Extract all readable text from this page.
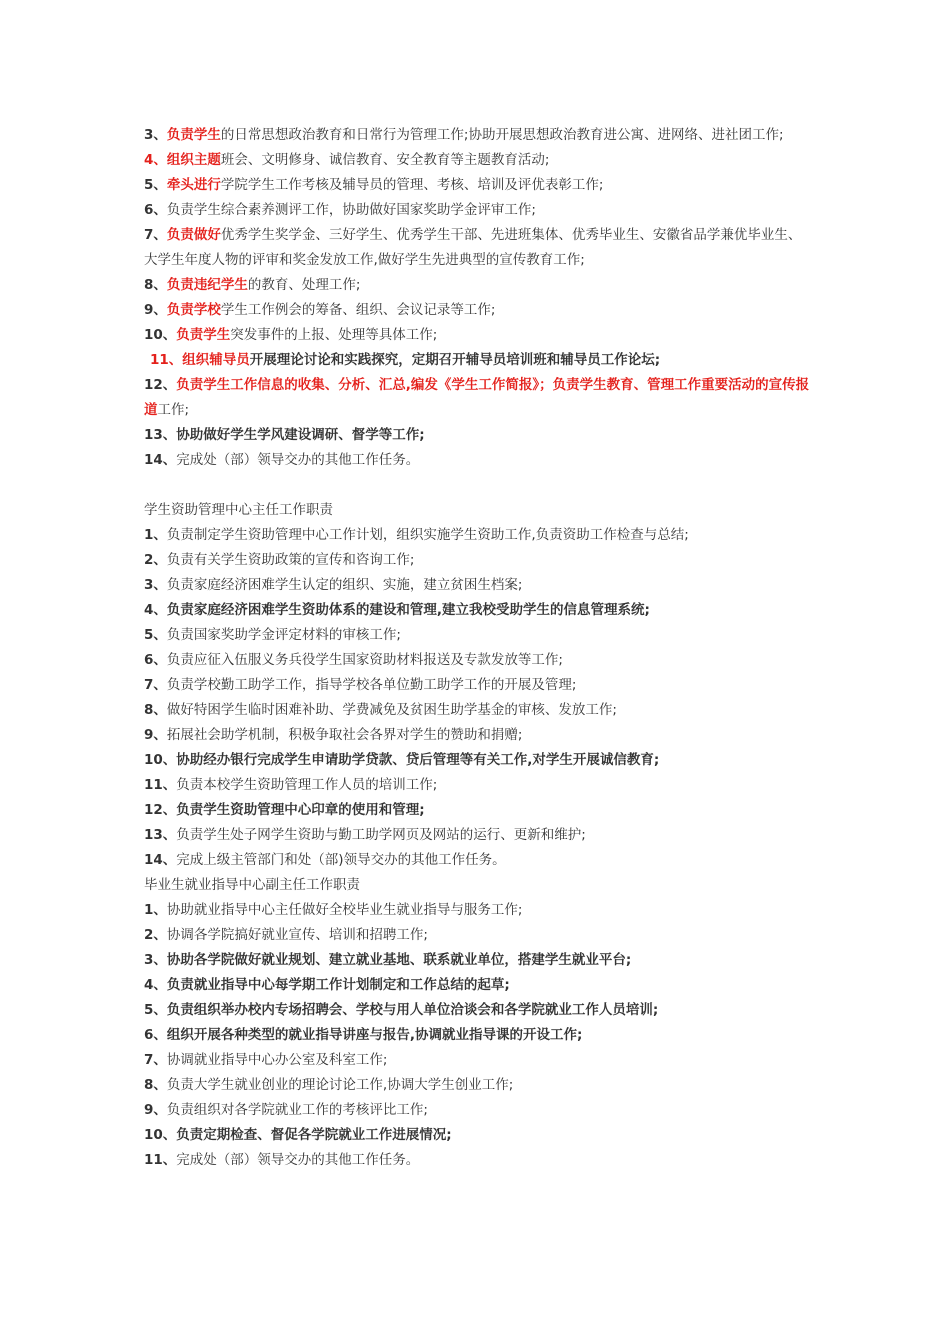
3、负责学生的日常思想政治教育和日常行为管理工作;协助开展思想政治教育进公寓、进网络、进社团工作;

4、组织主题班会、文明修身、诚信教育、安全教育等主题教育活动;

5、牵头进行学院学生工作考核及辅导员的管理、考核、培训及评优表彰工作;

6、负责学生综合素养测评工作，协助做好国家奖助学金评审工作;

7、负责做好优秀学生奖学金、三好学生、优秀学生干部、先进班集体、优秀毕业生、安徽省品学兼优毕业生、大学生年度人物的评审和奖金发放工作,做好学生先进典型的宣传教育工作;

8、负责违纪学生的教育、处理工作;

9、负责学校学生工作例会的筹备、组织、会议记录等工作;

10、负责学生突发事件的上报、处理等具体工作;

11、组织辅导员开展理论讨论和实践探究，定期召开辅导员培训班和辅导员工作论坛;

12、负责学生工作信息的收集、分析、汇总,编发《学生工作简报》；负责学生教育、管理工作重要活动的宣传报道工作;

13、协助做好学生学风建设调研、督学等工作;

14、完成处（部）领导交办的其他工作任务。

学生资助管理中心主任工作职责

1、负责制定学生资助管理中心工作计划，组织实施学生资助工作,负责资助工作检查与总结;

2、负责有关学生资助政策的宣传和咨询工作;

3、负责家庭经济困难学生认定的组织、实施，建立贫困生档案;

4、负责家庭经济困难学生资助体系的建设和管理,建立我校受助学生的信息管理系统;

5、负责国家奖助学金评定材料的审核工作;

6、负责应征入伍服义务兵役学生国家资助材料报送及专款发放等工作;

7、负责学校勤工助学工作，指导学校各单位勤工助学工作的开展及管理;

8、做好特困学生临时困难补助、学费减免及贫困生助学基金的审核、发放工作;

9、拓展社会助学机制，积极争取社会各界对学生的赞助和捐赠;

10、协助经办银行完成学生申请助学贷款、贷后管理等有关工作,对学生开展诚信教育;

11、负责本校学生资助管理工作人员的培训工作;

12、负责学生资助管理中心印章的使用和管理;

13、负责学生处子网学生资助与勤工助学网页及网站的运行、更新和维护;

14、完成上级主管部门和处（部)领导交办的其他工作任务。

毕业生就业指导中心副主任工作职责

1、协助就业指导中心主任做好全校毕业生就业指导与服务工作;

2、协调各学院搞好就业宣传、培训和招聘工作;

3、协助各学院做好就业规划、建立就业基地、联系就业单位，搭建学生就业平台;

4、负责就业指导中心每学期工作计划制定和工作总结的起草;

5、负责组织举办校内专场招聘会、学校与用人单位洽谈会和各学院就业工作人员培训;

6、组织开展各种类型的就业指导讲座与报告,协调就业指导课的开设工作;

7、协调就业指导中心办公室及科室工作;

8、负责大学生就业创业的理论讨论工作,协调大学生创业工作;

9、负责组织对各学院就业工作的考核评比工作;

10、负责定期检查、督促各学院就业工作进展情况;

11、完成处（部）领导交办的其他工作任务。
